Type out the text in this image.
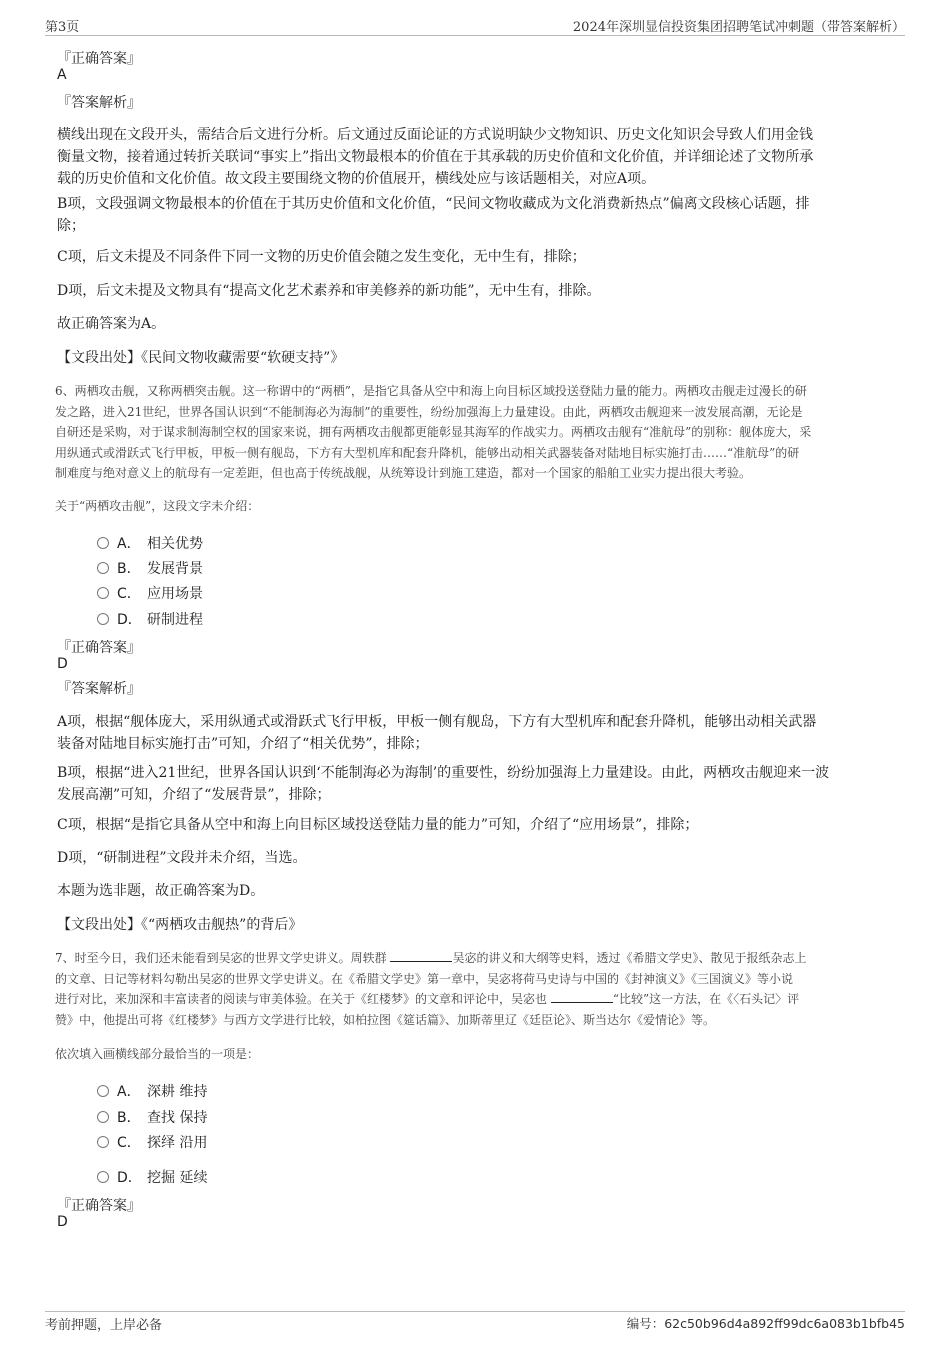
第3页	2024年深圳显信投资集团招聘笔试冲刺题（带答案解析）
『正确答案』
A
『答案解析』
横线出现在文段开头，需结合后文进行分析。后文通过反面论证的方式说明缺少文物知识、历史文化知识会导致人们用金钱
衡量文物，接着通过转折关联词“事实上”指出文物最根本的价值在于其承载的历史价值和文化价值，并详细论述了文物所承
载的历史价值和文化价值。故文段主要围绕文物的价值展开，横线处应与该话题相关，对应A项。
B项，文段强调文物最根本的价值在于其历史价值和文化价值，“民间文物收藏成为文化消费新热点”偏离文段核心话题，排
除；
C项，后文未提及不同条件下同一文物的历史价值会随之发生变化，无中生有，排除；
D项，后文未提及文物具有“提高文化艺术素养和审美修养的新功能”，无中生有，排除。
故正确答案为A。
【文段出处】《民间文物收藏需要“软硬支持”》
6、两栖攻击舰，又称两栖突击舰。这一称谓中的“两栖”，是指它具备从空中和海上向目标区域投送登陆力量的能力。两栖攻击舰走过漫长的研
发之路，进入21世纪，世界各国认识到“不能制海必为海制”的重要性，纷纷加强海上力量建设。由此，两栖攻击舰迎来一波发展高潮，无论是
自研还是采购，对于谋求制海制空权的国家来说，拥有两栖攻击舰都更能彰显其海军的作战实力。两栖攻击舰有“准航母”的别称：舰体庞大，采
用纵通式或滑跃式飞行甲板，甲板一侧有舰岛，下方有大型机库和配套升降机，能够出动相关武器装备对陆地目标实施打击……“准航母”的研
制难度与绝对意义上的航母有一定差距，但也高于传统战舰，从统筹设计到施工建造，都对一个国家的船舶工业实力提出很大考验。
关于“两栖攻击舰”，这段文字未介绍：
A． 相关优势
B． 发展背景
C． 应用场景
D． 研制进程
『正确答案』
D
『答案解析』
A项，根据“舰体庞大，采用纵通式或滑跃式飞行甲板，甲板一侧有舰岛，下方有大型机库和配套升降机，能够出动相关武器
装备对陆地目标实施打击”可知，介绍了“相关优势”，排除；
B项，根据“进入21世纪，世界各国认识到‘不能制海必为海制’的重要性，纷纷加强海上力量建设。由此，两栖攻击舰迎来一波
发展高潮”可知，介绍了“发展背景”，排除；
C项，根据“是指它具备从空中和海上向目标区域投送登陆力量的能力”可知，介绍了“应用场景”，排除；
D项，“研制进程”文段并未介绍，当选。
本题为选非题，故正确答案为D。
【文段出处】《“两栖攻击舰热”的背后》
7、时至今日，我们还未能看到吴宓的世界文学史讲义。周轶群	吴宓的讲义和大纲等史料，透过《希腊文学史》、散见于报纸杂志上
的文章、日记等材料勾勒出吴宓的世界文学史讲义。在《希腊文学史》第一章中，吴宓将荷马史诗与中国的《封神演义》《三国演义》等小说
进行对比，来加深和丰富读者的阅读与审美体验。在关于《红楼梦》的文章和评论中，吴宓也	“比较”这一方法，在《〈石头记〉评
赞》中，他提出可将《红楼梦》与西方文学进行比较，如柏拉图《筵话篇》、加斯蒂里辽《廷臣论》、斯当达尔《爱情论》等。
依次填入画横线部分最恰当的一项是：
A． 深耕 维持
B． 查找 保持
C． 探绎 沿用
D． 挖掘 延续
『正确答案』
D
考前押题，上岸必备	编号：62c50b96d4a892ff99dc6a083b1bfb45
